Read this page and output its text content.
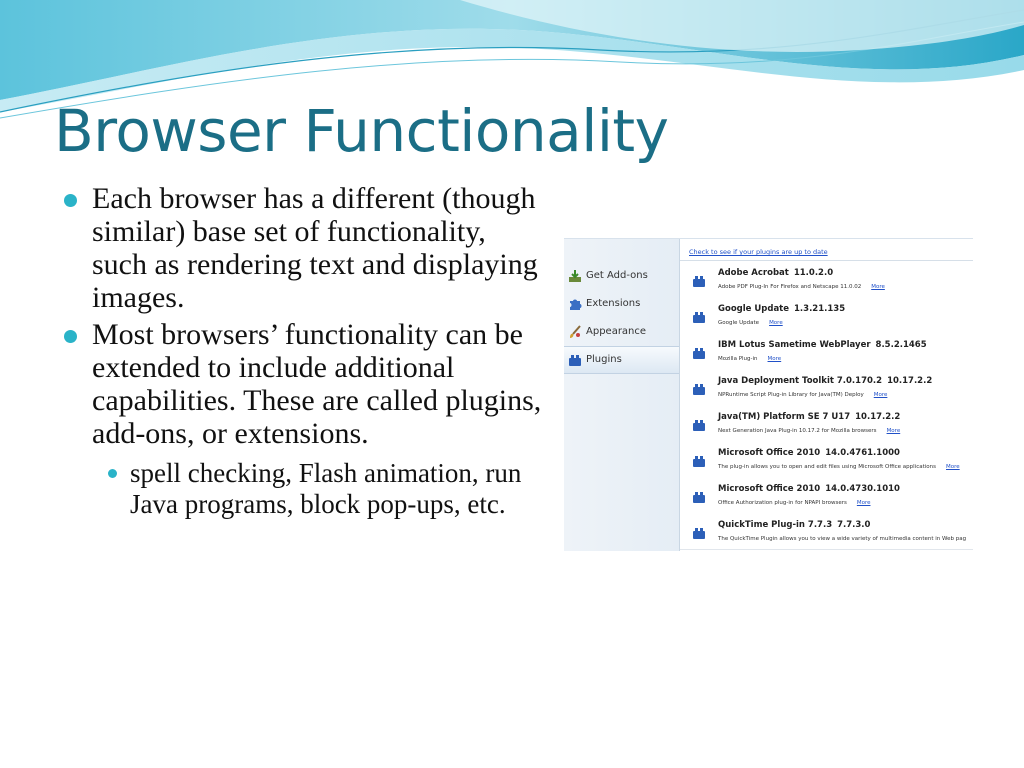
Browser Functionality
Each browser has a different (though similar) base set of functionality, such as rendering text and displaying images.
Most browsers’ functionality can be extended to include additional capabilities. These are called plugins, add-ons, or extensions.
spell checking, Flash animation, run Java programs, block pop-ups, etc.
Get Add-ons
Extensions
Appearance
Plugins
Check to see if your plugins are up to date
Adobe Acrobat 11.0.2.0
Adobe PDF Plug-In For Firefox and Netscape 11.0.02 More
Google Update 1.3.21.135
Google Update More
IBM Lotus Sametime WebPlayer 8.5.2.1465
Mozilla Plug-in More
Java Deployment Toolkit 7.0.170.2 10.17.2.2
NPRuntime Script Plug-in Library for Java(TM) Deploy More
Java(TM) Platform SE 7 U17 10.17.2.2
Next Generation Java Plug-in 10.17.2 for Mozilla browsers More
Microsoft Office 2010 14.0.4761.1000
The plug-in allows you to open and edit files using Microsoft Office applications More
Microsoft Office 2010 14.0.4730.1010
Office Authorization plug-in for NPAPI browsers More
QuickTime Plug-in 7.7.3 7.7.3.0
The QuickTime Plugin allows you to view a wide variety of multimedia content in Web pag
